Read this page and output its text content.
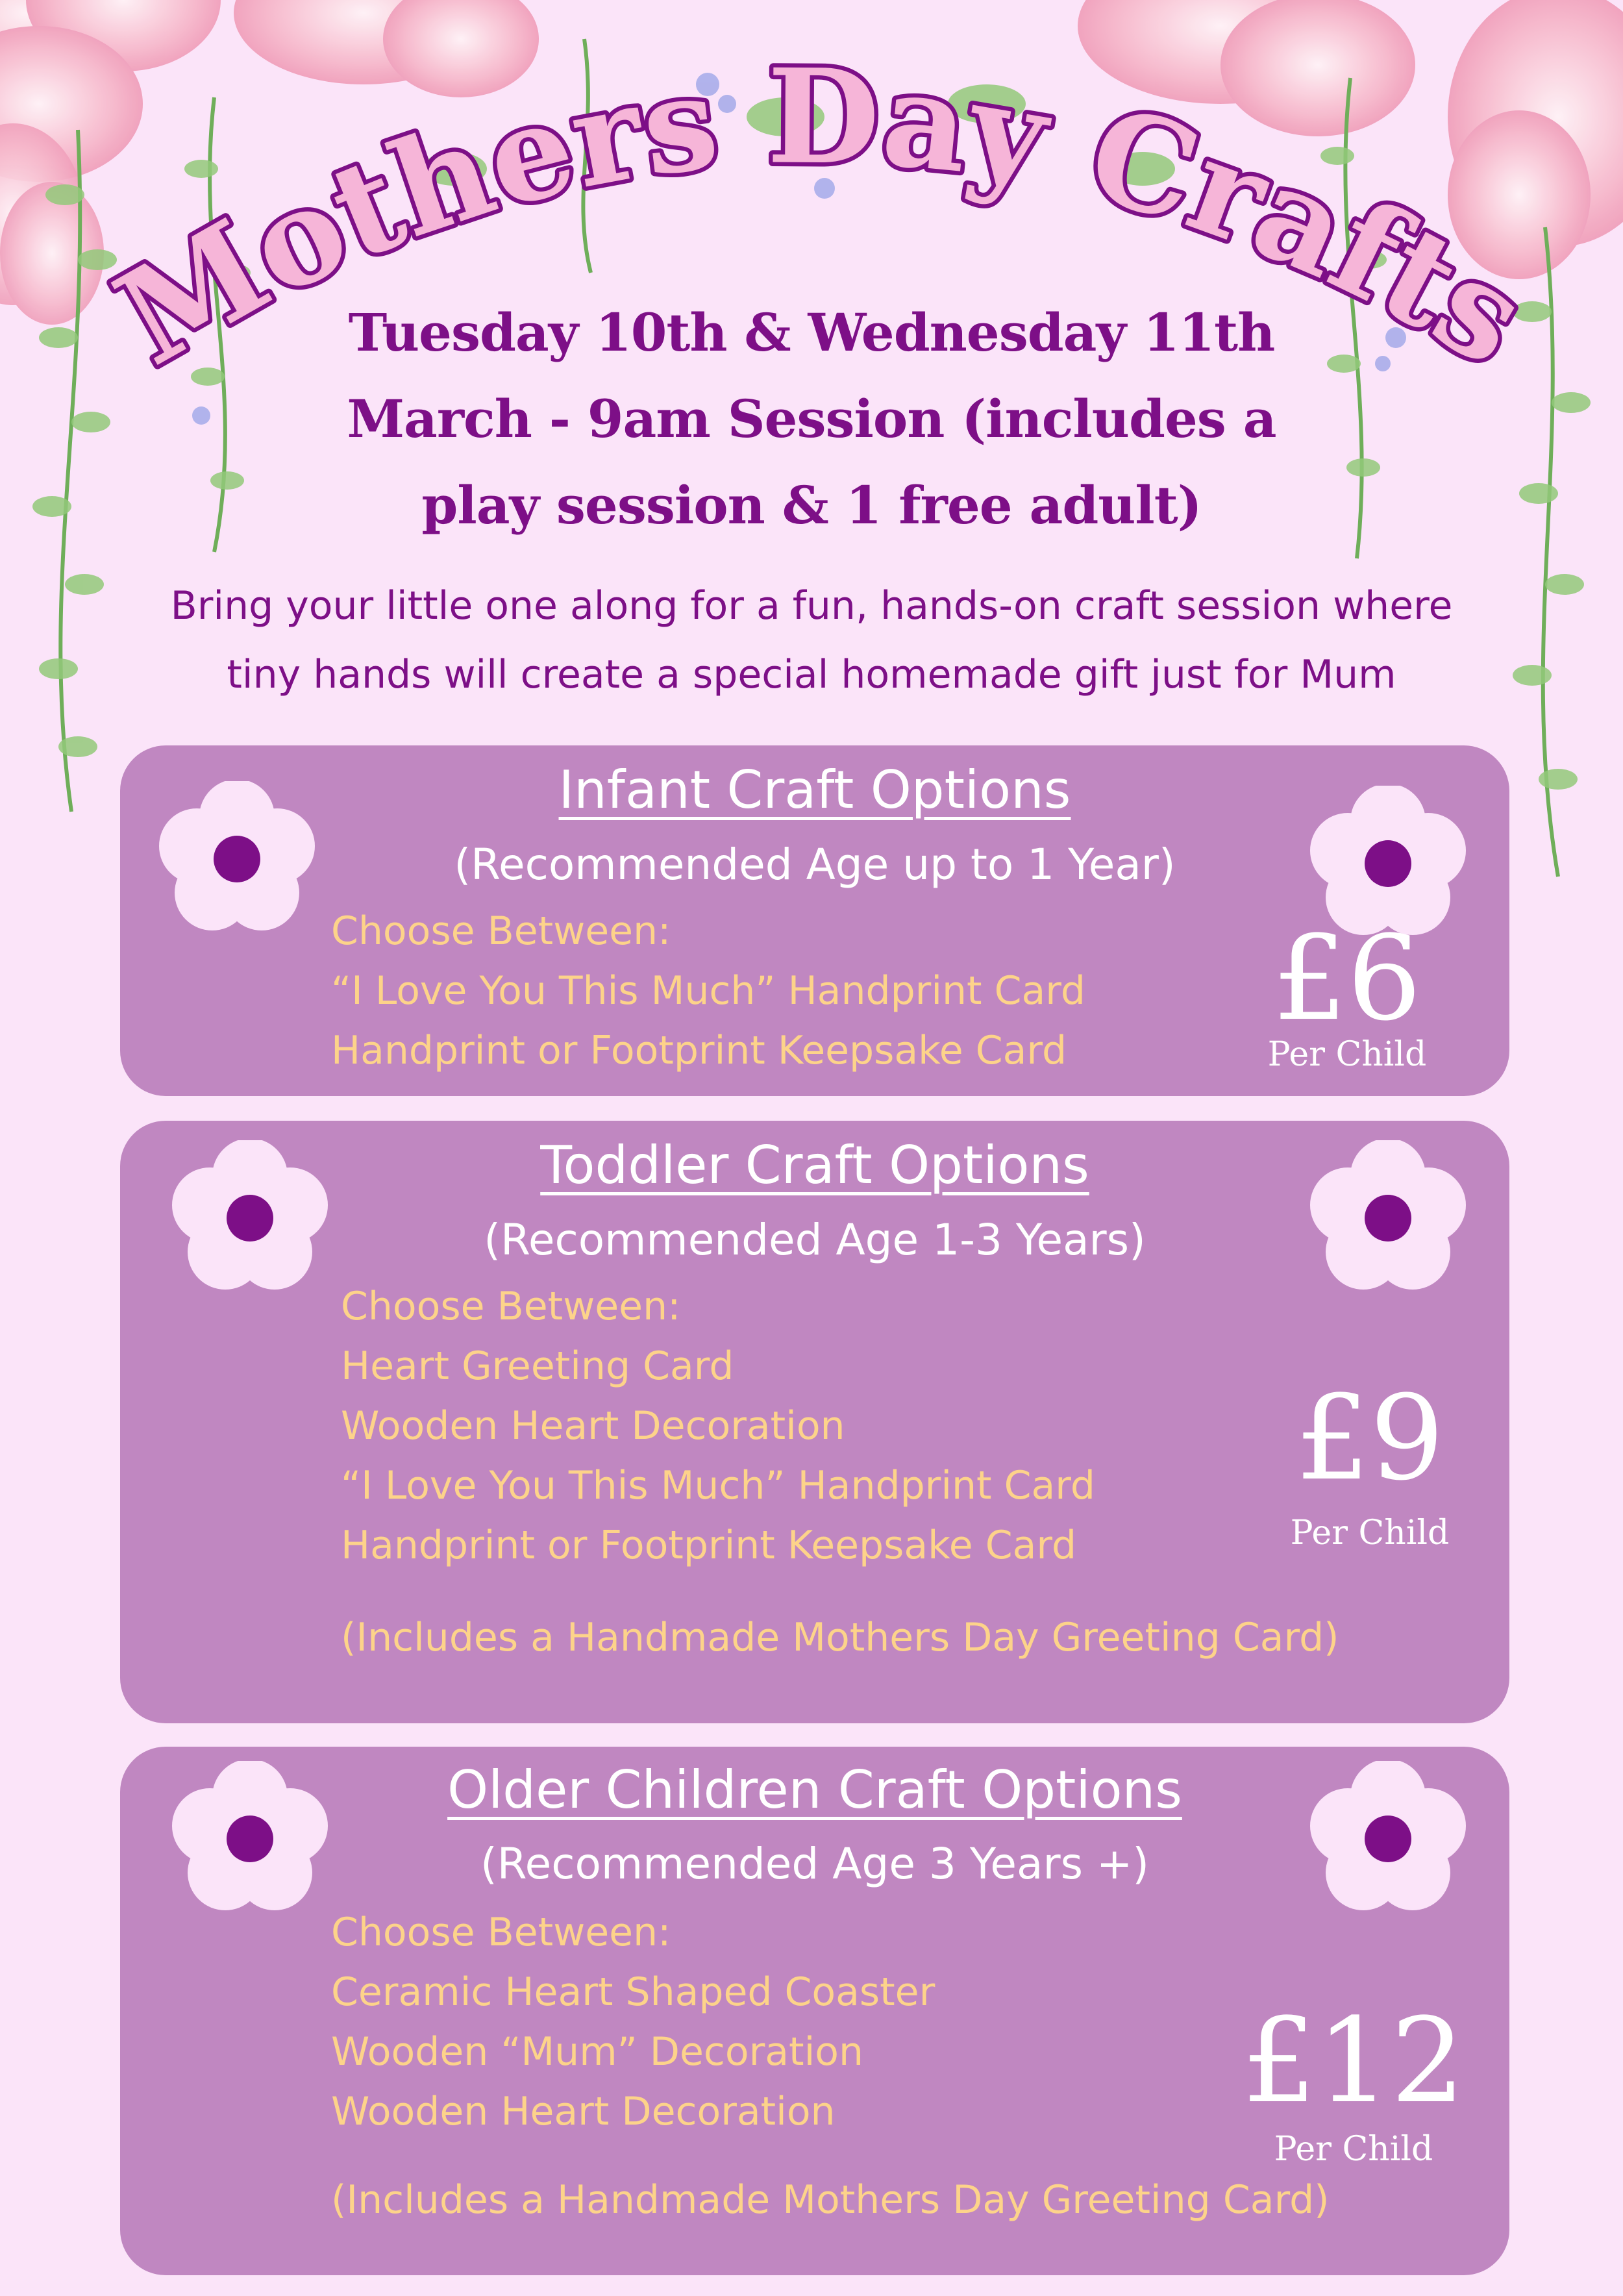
Mothers Day Crafts
Tuesday 10th & Wednesday 11th
March - 9am Session (includes a
play session & 1 free adult)
Bring your little one along for a fun, hands-on craft session where
tiny hands will create a special homemade gift just for Mum
Infant Craft Options
(Recommended Age up to 1 Year)
Choose Between:
“I Love You This Much” Handprint Card
Handprint or Footprint Keepsake Card
£6
Per Child
Toddler Craft Options
(Recommended Age 1-3 Years)
Choose Between:
Heart Greeting Card
Wooden Heart Decoration
“I Love You This Much” Handprint Card
Handprint or Footprint Keepsake Card
(Includes a Handmade Mothers Day Greeting Card)
£9
Per Child
Older Children Craft Options
(Recommended Age 3 Years +)
Choose Between:
Ceramic Heart Shaped Coaster
Wooden “Mum” Decoration
Wooden Heart Decoration
(Includes a Handmade Mothers Day Greeting Card)
£12
Per Child
